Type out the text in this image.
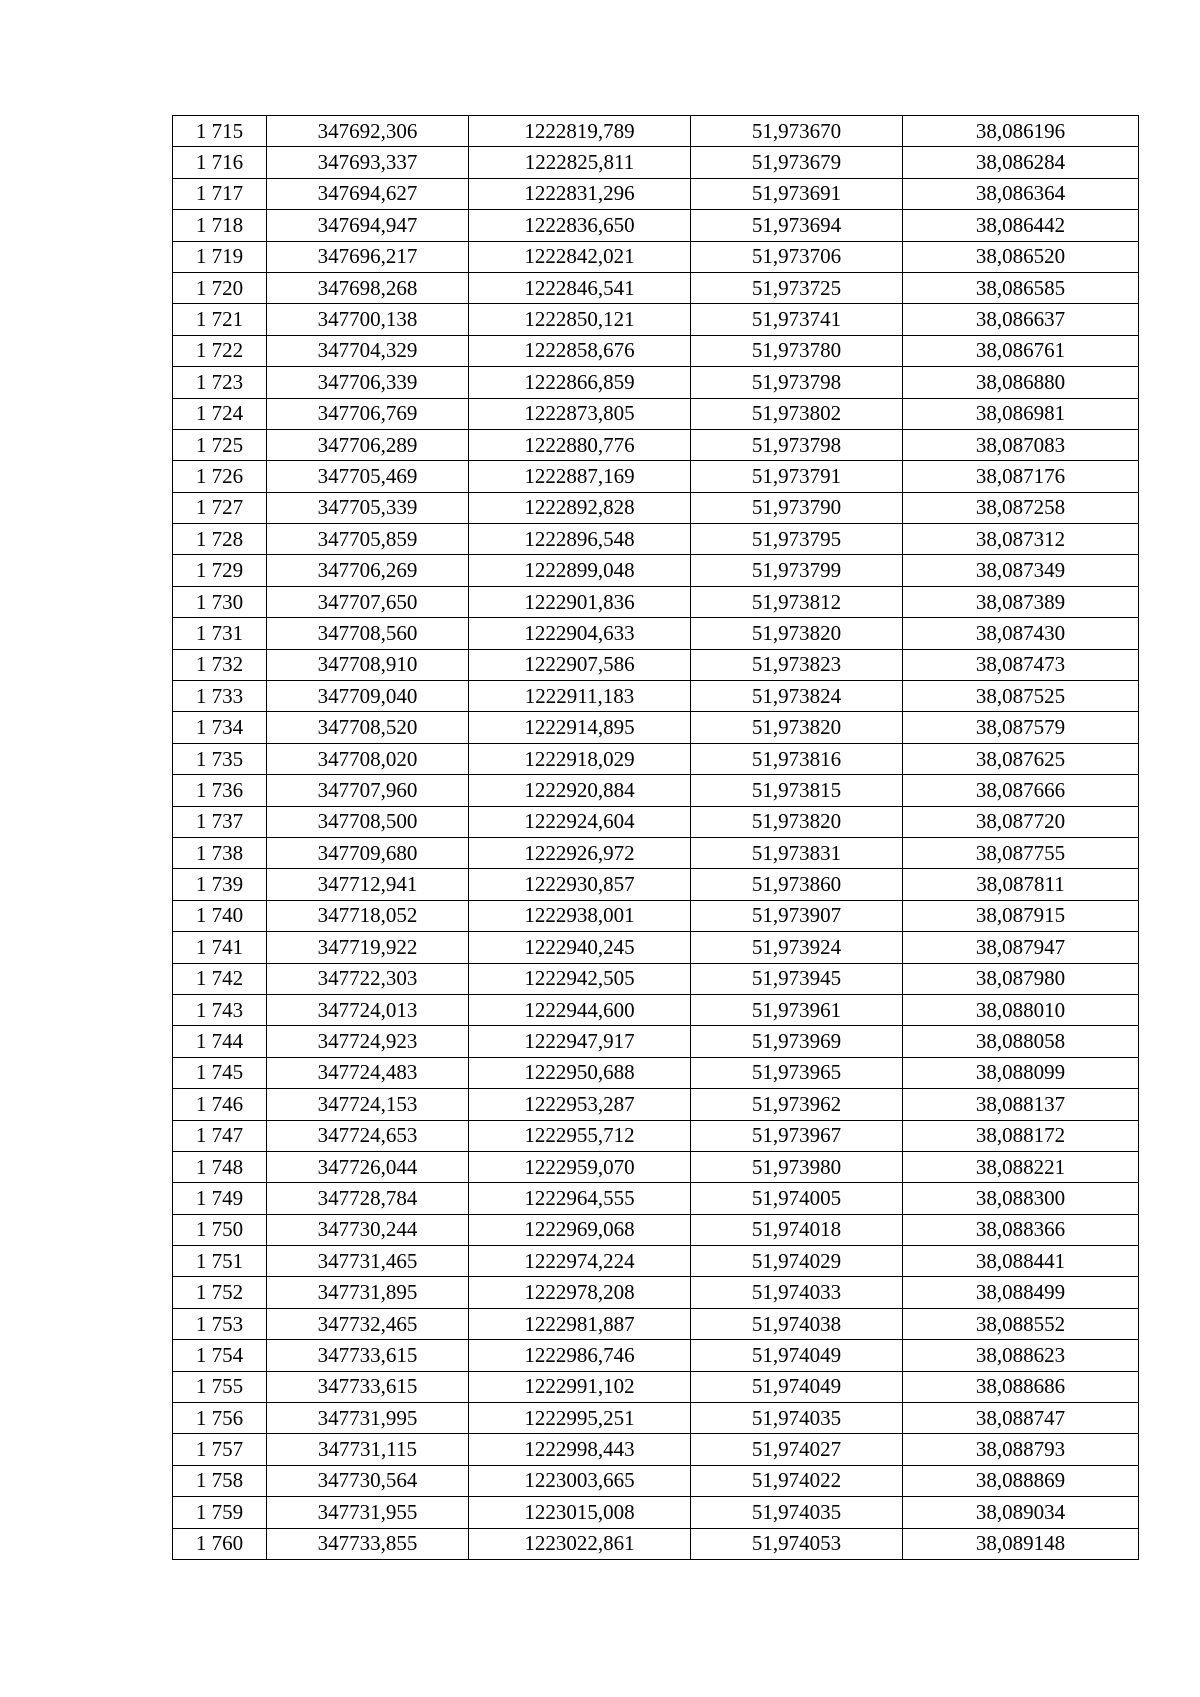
1 715	347692,306	1222819,789	51,973670	38,086196
1 716	347693,337	1222825,811	51,973679	38,086284
1 717	347694,627	1222831,296	51,973691	38,086364
1 718	347694,947	1222836,650	51,973694	38,086442
1 719	347696,217	1222842,021	51,973706	38,086520
1 720	347698,268	1222846,541	51,973725	38,086585
1 721	347700,138	1222850,121	51,973741	38,086637
1 722	347704,329	1222858,676	51,973780	38,086761
1 723	347706,339	1222866,859	51,973798	38,086880
1 724	347706,769	1222873,805	51,973802	38,086981
1 725	347706,289	1222880,776	51,973798	38,087083
1 726	347705,469	1222887,169	51,973791	38,087176
1 727	347705,339	1222892,828	51,973790	38,087258
1 728	347705,859	1222896,548	51,973795	38,087312
1 729	347706,269	1222899,048	51,973799	38,087349
1 730	347707,650	1222901,836	51,973812	38,087389
1 731	347708,560	1222904,633	51,973820	38,087430
1 732	347708,910	1222907,586	51,973823	38,087473
1 733	347709,040	1222911,183	51,973824	38,087525
1 734	347708,520	1222914,895	51,973820	38,087579
1 735	347708,020	1222918,029	51,973816	38,087625
1 736	347707,960	1222920,884	51,973815	38,087666
1 737	347708,500	1222924,604	51,973820	38,087720
1 738	347709,680	1222926,972	51,973831	38,087755
1 739	347712,941	1222930,857	51,973860	38,087811
1 740	347718,052	1222938,001	51,973907	38,087915
1 741	347719,922	1222940,245	51,973924	38,087947
1 742	347722,303	1222942,505	51,973945	38,087980
1 743	347724,013	1222944,600	51,973961	38,088010
1 744	347724,923	1222947,917	51,973969	38,088058
1 745	347724,483	1222950,688	51,973965	38,088099
1 746	347724,153	1222953,287	51,973962	38,088137
1 747	347724,653	1222955,712	51,973967	38,088172
1 748	347726,044	1222959,070	51,973980	38,088221
1 749	347728,784	1222964,555	51,974005	38,088300
1 750	347730,244	1222969,068	51,974018	38,088366
1 751	347731,465	1222974,224	51,974029	38,088441
1 752	347731,895	1222978,208	51,974033	38,088499
1 753	347732,465	1222981,887	51,974038	38,088552
1 754	347733,615	1222986,746	51,974049	38,088623
1 755	347733,615	1222991,102	51,974049	38,088686
1 756	347731,995	1222995,251	51,974035	38,088747
1 757	347731,115	1222998,443	51,974027	38,088793
1 758	347730,564	1223003,665	51,974022	38,088869
1 759	347731,955	1223015,008	51,974035	38,089034
1 760	347733,855	1223022,861	51,974053	38,089148
